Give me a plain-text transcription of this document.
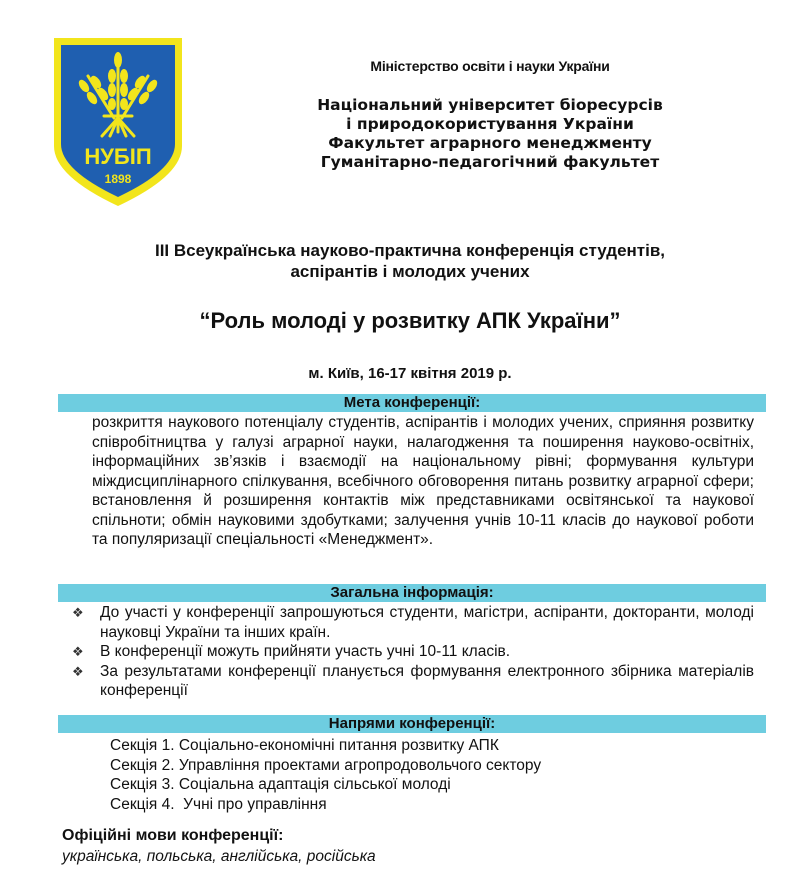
НУБІП
1898
Міністерство освіти і науки України
Національний університет біоресурсів
і природокористування України
Факультет аграрного менеджменту
Гуманітарно-педагогічний факультет
ІІІ Всеукраїнська науково-практична конференція студентів,
аспірантів і молодих учених
“Роль молоді у розвитку АПК України”
м. Київ, 16-17 квітня 2019 р.
Мета конференції:
розкриття наукового потенціалу студентів, аспірантів і молодих учених, сприяння розвитку співробітництва у галузі аграрної науки, налагодження та поширення науково-освітніх, інформаційних зв’язків і взаємодії на національному рівні; формування культури міждисциплінарного спілкування, всебічного обговорення питань розвитку аграрної сфери; встановлення й розширення контактів між представниками освітянської та наукової спільноти; обмін науковими здобутками; залучення учнів 10-11 класів до наукової роботи та популяризації спеціальності «Менеджмент».
Загальна інформація:
❖	До участі у конференції запрошуються студенти, магістри, аспіранти, докторанти, молоді науковці України та інших країн.
❖	В конференції можуть прийняти участь учні 10-11 класів.
❖	За результатами конференції планується формування електронного збірника матеріалів конференції
Напрями конференції:
Секція 1. Соціально-економічні питання розвитку АПК
Секція 2. Управління проектами агропродовольчого сектору
Секція 3. Соціальна адаптація сільської молоді
Секція 4.  Учні про управління
Офіційні мови конференції:
українська, польська, англійська, російська
